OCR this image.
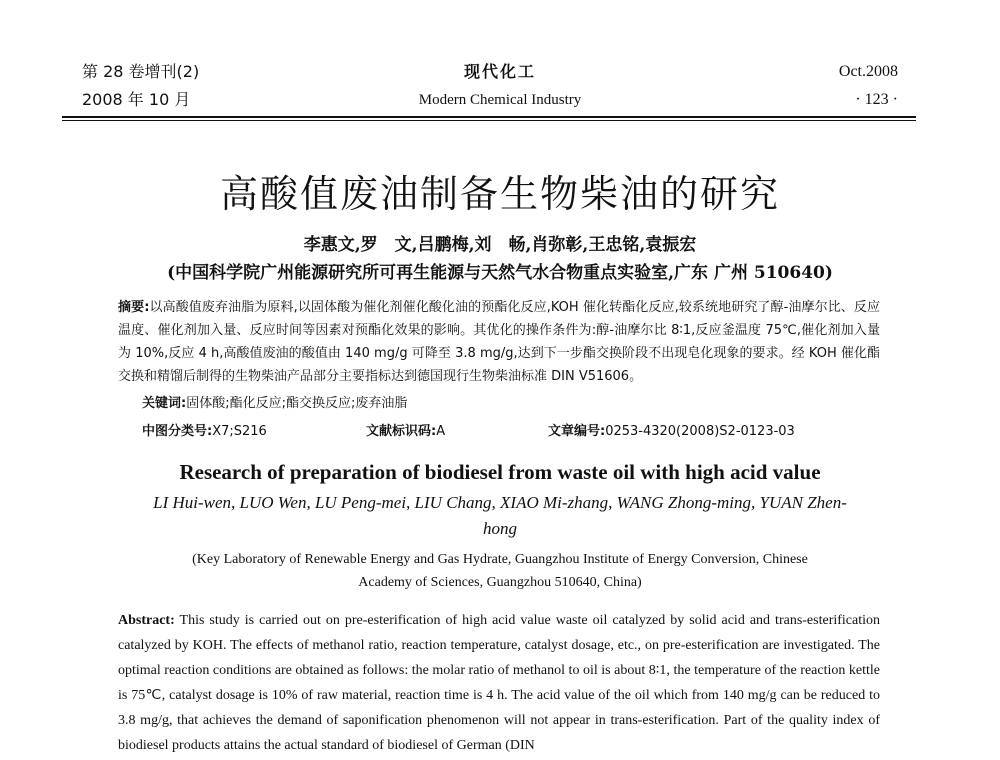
第 28 卷增刊(2)
2008 年 10 月
现代化工
Modern Chemical Industry
Oct.2008
· 123 ·
高酸值废油制备生物柴油的研究
李惠文,罗　文,吕鹏梅,刘　畅,肖弥彰,王忠铭,袁振宏
(中国科学院广州能源研究所可再生能源与天然气水合物重点实验室,广东 广州 510640)
摘要:以高酸值废弃油脂为原料,以固体酸为催化剂催化酸化油的预酯化反应,KOH 催化转酯化反应,较系统地研究了醇-油摩尔比、反应温度、催化剂加入量、反应时间等因素对预酯化效果的影响。其优化的操作条件为:醇-油摩尔比 8∶1,反应釜温度 75℃,催化剂加入量为 10%,反应 4 h,高酸值废油的酸值由 140 mg/g 可降至 3.8 mg/g,达到下一步酯交换阶段不出现皂化现象的要求。经 KOH 催化酯交换和精馏后制得的生物柴油产品部分主要指标达到德国现行生物柴油标准 DIN V51606。
关键词:固体酸;酯化反应;酯交换反应;废弃油脂
中图分类号:X7;S216	文献标识码:A	文章编号:0253-4320(2008)S2-0123-03
Research of preparation of biodiesel from waste oil with high acid value
LI Hui-wen, LUO Wen, LU Peng-mei, LIU Chang, XIAO Mi-zhang, WANG Zhong-ming, YUAN Zhen-hong
(Key Laboratory of Renewable Energy and Gas Hydrate, Guangzhou Institute of Energy Conversion, Chinese Academy of Sciences, Guangzhou 510640, China)
Abstract: This study is carried out on pre-esterification of high acid value waste oil catalyzed by solid acid and trans-esterification catalyzed by KOH. The effects of methanol ratio, reaction temperature, catalyst dosage, etc., on pre-esterification are investigated. The optimal reaction conditions are obtained as follows: the molar ratio of methanol to oil is about 8∶1, the temperature of the reaction kettle is 75℃, catalyst dosage is 10% of raw material, reaction time is 4 h. The acid value of the oil which from 140 mg/g can be reduced to 3.8 mg/g, that achieves the demand of saponification phenomenon will not appear in trans-esterification. Part of the quality index of biodiesel products attains the actual standard of biodiesel of German (DIN
